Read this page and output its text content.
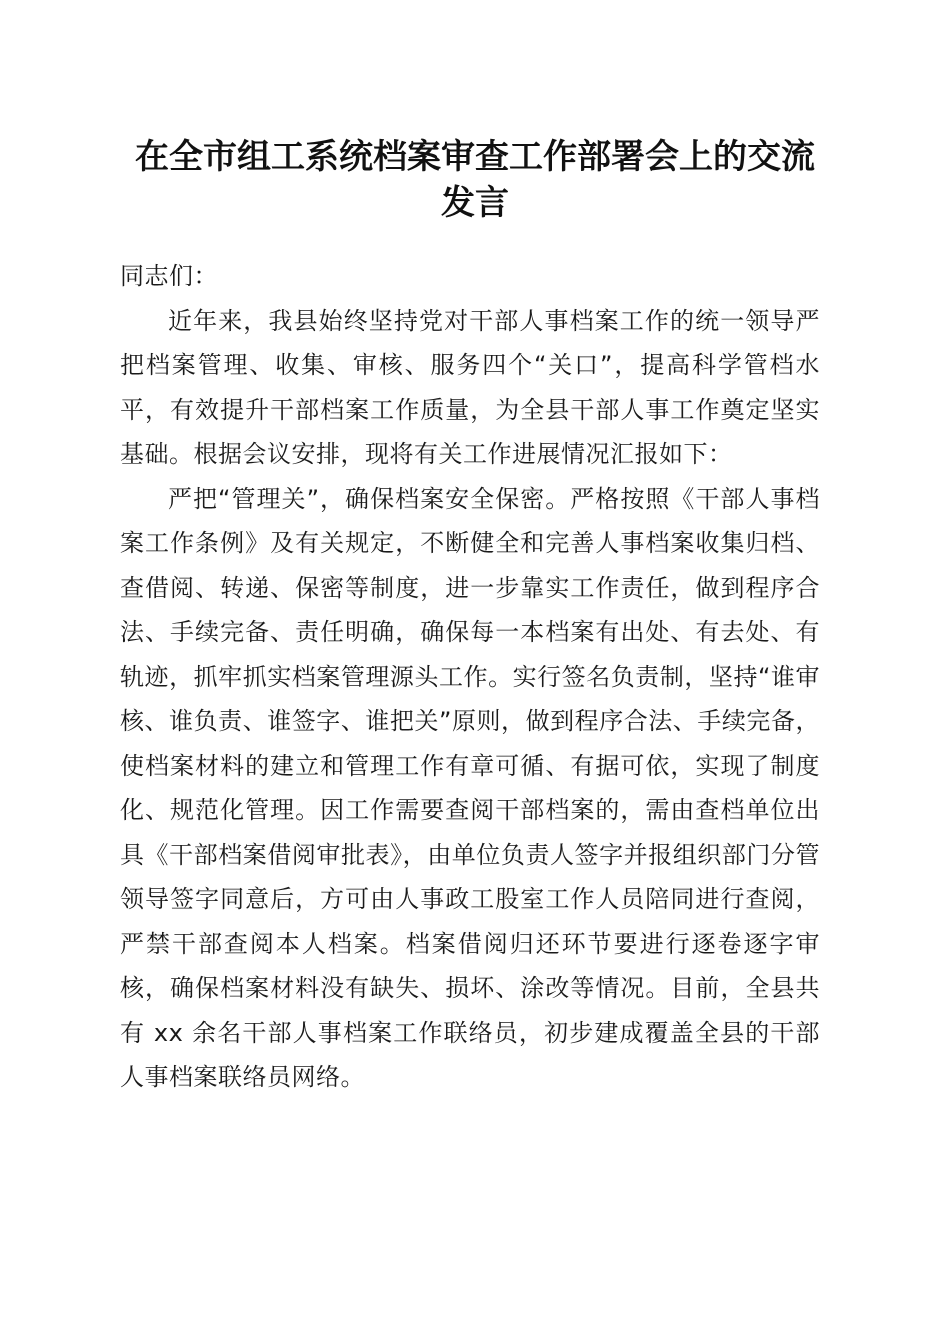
在全市组工系统档案审查工作部署会上的交流
发言

同志们：

近年来，我县始终坚持党对干部人事档案工作的统一领导严把档案管理、收集、审核、服务四个“关口”，提高科学管档水平，有效提升干部档案工作质量，为全县干部人事工作奠定坚实基础。根据会议安排，现将有关工作进展情况汇报如下：

严把“管理关”，确保档案安全保密。严格按照《干部人事档案工作条例》及有关规定，不断健全和完善人事档案收集归档、查借阅、转递、保密等制度，进一步靠实工作责任，做到程序合法、手续完备、责任明确，确保每一本档案有出处、有去处、有轨迹，抓牢抓实档案管理源头工作。实行签名负责制，坚持“谁审核、谁负责、谁签字、谁把关”原则，做到程序合法、手续完备，使档案材料的建立和管理工作有章可循、有据可依，实现了制度化、规范化管理。因工作需要查阅干部档案的，需由查档单位出具《干部档案借阅审批表》，由单位负责人签字并报组织部门分管领导签字同意后，方可由人事政工股室工作人员陪同进行查阅，严禁干部查阅本人档案。档案借阅归还环节要进行逐卷逐字审核，确保档案材料没有缺失、损坏、涂改等情况。目前，全县共有 xx 余名干部人事档案工作联络员，初步建成覆盖全县的干部人事档案联络员网络。
